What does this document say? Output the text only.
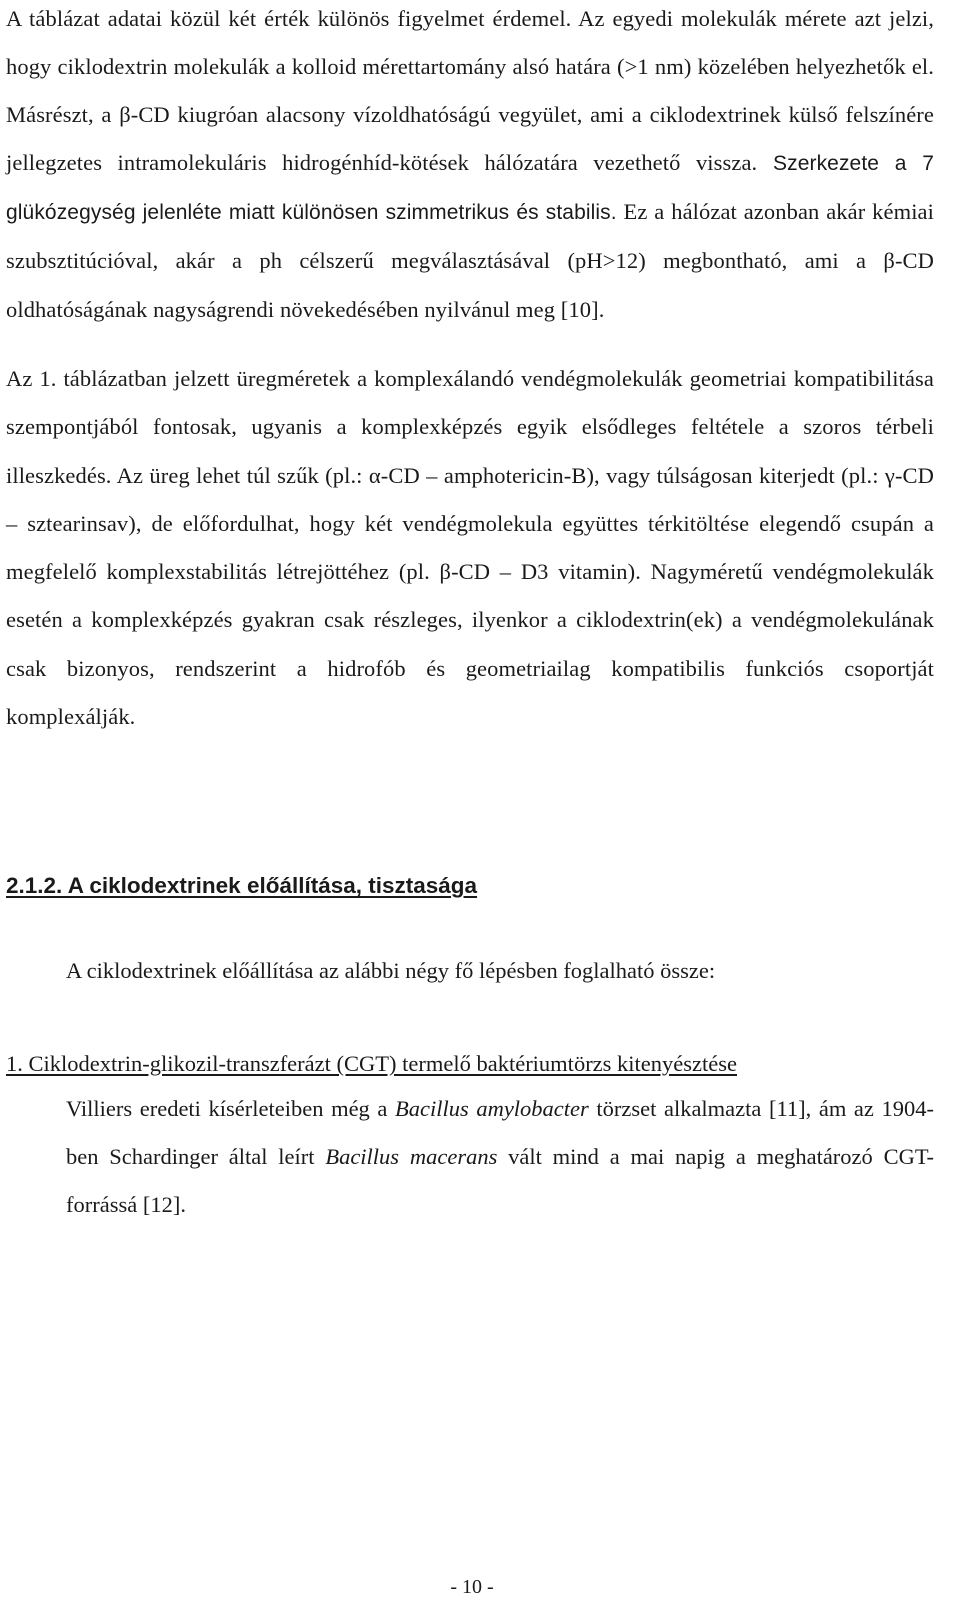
A táblázat adatai közül két érték különös figyelmet érdemel. Az egyedi molekulák mérete azt jelzi, hogy ciklodextrin molekulák a kolloid mérettartomány alsó határa (>1 nm) közelében helyezhetők el. Másrészt, a β-CD kiugróan alacsony vízoldhatóságú vegyület, ami a ciklodextrinek külső felszínére jellegzetes intramolekuláris hidrogénhíd-kötések hálózatára vezethető vissza. Szerkezete a 7 glükózegység jelenléte miatt különösen szimmetrikus és stabilis. Ez a hálózat azonban akár kémiai szubsztitúcióval, akár a ph célszerű megválasztásával (pH>12) megbontható, ami a β-CD oldhatóságának nagyságrendi növekedésében nyilvánul meg [10].

Az 1. táblázatban jelzett üregméretek a komplexálandó vendégmolekulák geometriai kompatibilitása szempontjából fontosak, ugyanis a komplexképzés egyik elsődleges feltétele a szoros térbeli illeszkedés. Az üreg lehet túl szűk (pl.: α-CD – amphotericin-B), vagy túlságosan kiterjedt (pl.: γ-CD – sztearinsav), de előfordulhat, hogy két vendégmolekula együttes térkitöltése elegendő csupán a megfelelő komplexstabilitás létrejöttéhez (pl. β-CD – D3 vitamin). Nagyméretű vendégmolekulák esetén a komplexképzés gyakran csak részleges, ilyenkor a ciklodextrin(ek) a vendégmolekulának csak bizonyos, rendszerint a hidrofób és geometriailag kompatibilis funkciós csoportját komplexálják.

2.1.2. A ciklodextrinek előállítása, tisztasága

A ciklodextrinek előállítása az alábbi négy fő lépésben foglalható össze:

1. Ciklodextrin-glikozil-transzferázt (CGT) termelő baktériumtörzs kitenyésztése

Villiers eredeti kísérleteiben még a Bacillus amylobacter törzset alkalmazta [11], ám az 1904-ben Schardinger által leírt Bacillus macerans vált mind a mai napig a meghatározó CGT-forrássá [12].

- 10 -
